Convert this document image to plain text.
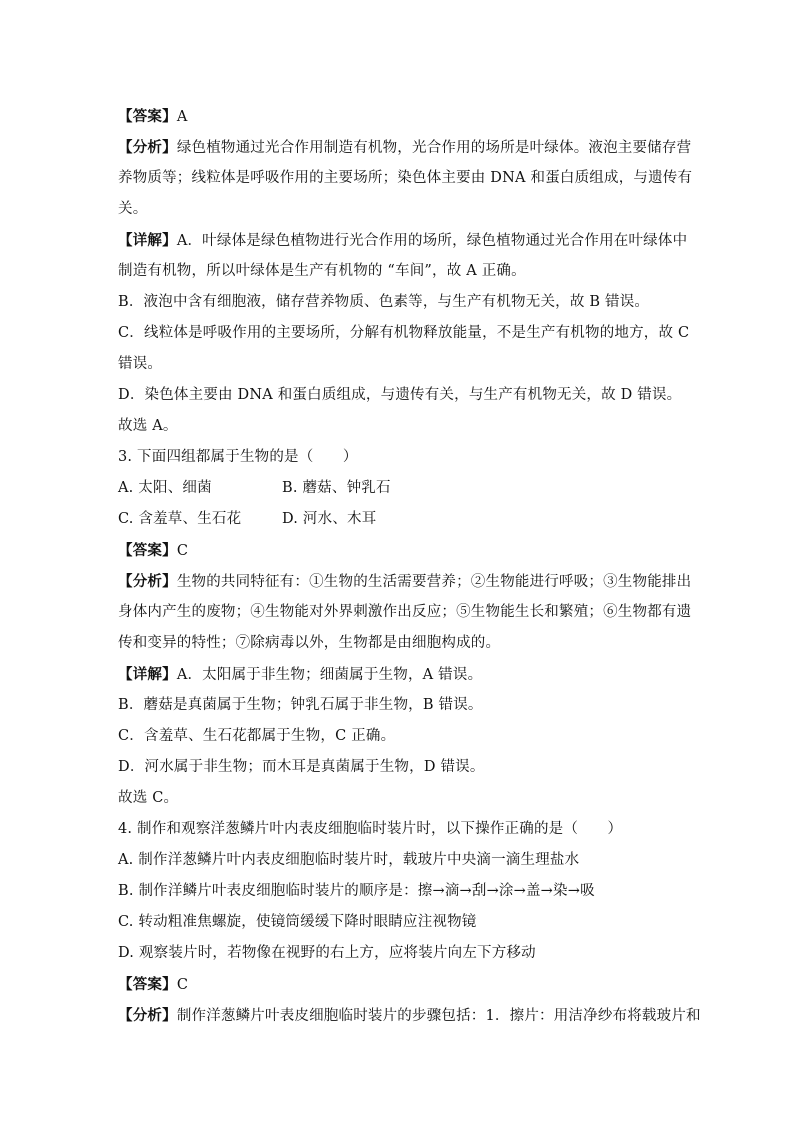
【答案】A
【分析】绿色植物通过光合作用制造有机物，光合作用的场所是叶绿体。液泡主要储存营
养物质等；线粒体是呼吸作用的主要场所；染色体主要由 DNA 和蛋白质组成，与遗传有
关。
【详解】A．叶绿体是绿色植物进行光合作用的场所，绿色植物通过光合作用在叶绿体中
制造有机物，所以叶绿体是生产有机物的 “车间”，故 A 正确。
B．液泡中含有细胞液，储存营养物质、色素等，与生产有机物无关，故 B 错误。
C．线粒体是呼吸作用的主要场所，分解有机物释放能量，不是生产有机物的地方，故 C
错误。
D．染色体主要由 DNA 和蛋白质组成，与遗传有关，与生产有机物无关，故 D 错误。
故选 A。
3. 下面四组都属于生物的是（　　）
A. 太阳、细菌	B. 蘑菇、钟乳石
C. 含羞草、生石花	D. 河水、木耳
【答案】C
【分析】生物的共同特征有：①生物的生活需要营养；②生物能进行呼吸；③生物能排出
身体内产生的废物；④生物能对外界刺激作出反应；⑤生物能生长和繁殖；⑥生物都有遗
传和变异的特性；⑦除病毒以外，生物都是由细胞构成的。
【详解】A．太阳属于非生物；细菌属于生物，A 错误。
B．蘑菇是真菌属于生物；钟乳石属于非生物，B 错误。
C．含羞草、生石花都属于生物，C 正确。
D．河水属于非生物；而木耳是真菌属于生物，D 错误。
故选 C。
4. 制作和观察洋葱鳞片叶内表皮细胞临时装片时，以下操作正确的是（　　）
A. 制作洋葱鳞片叶内表皮细胞临时装片时，载玻片中央滴一滴生理盐水
B. 制作洋鳞片叶表皮细胞临时装片的顺序是：擦→滴→刮→涂→盖→染→吸
C. 转动粗准焦螺旋，使镜筒缓缓下降时眼睛应注视物镜
D. 观察装片时，若物像在视野的右上方，应将装片向左下方移动
【答案】C
【分析】制作洋葱鳞片叶表皮细胞临时装片的步骤包括：1．擦片：用洁净纱布将载玻片和
